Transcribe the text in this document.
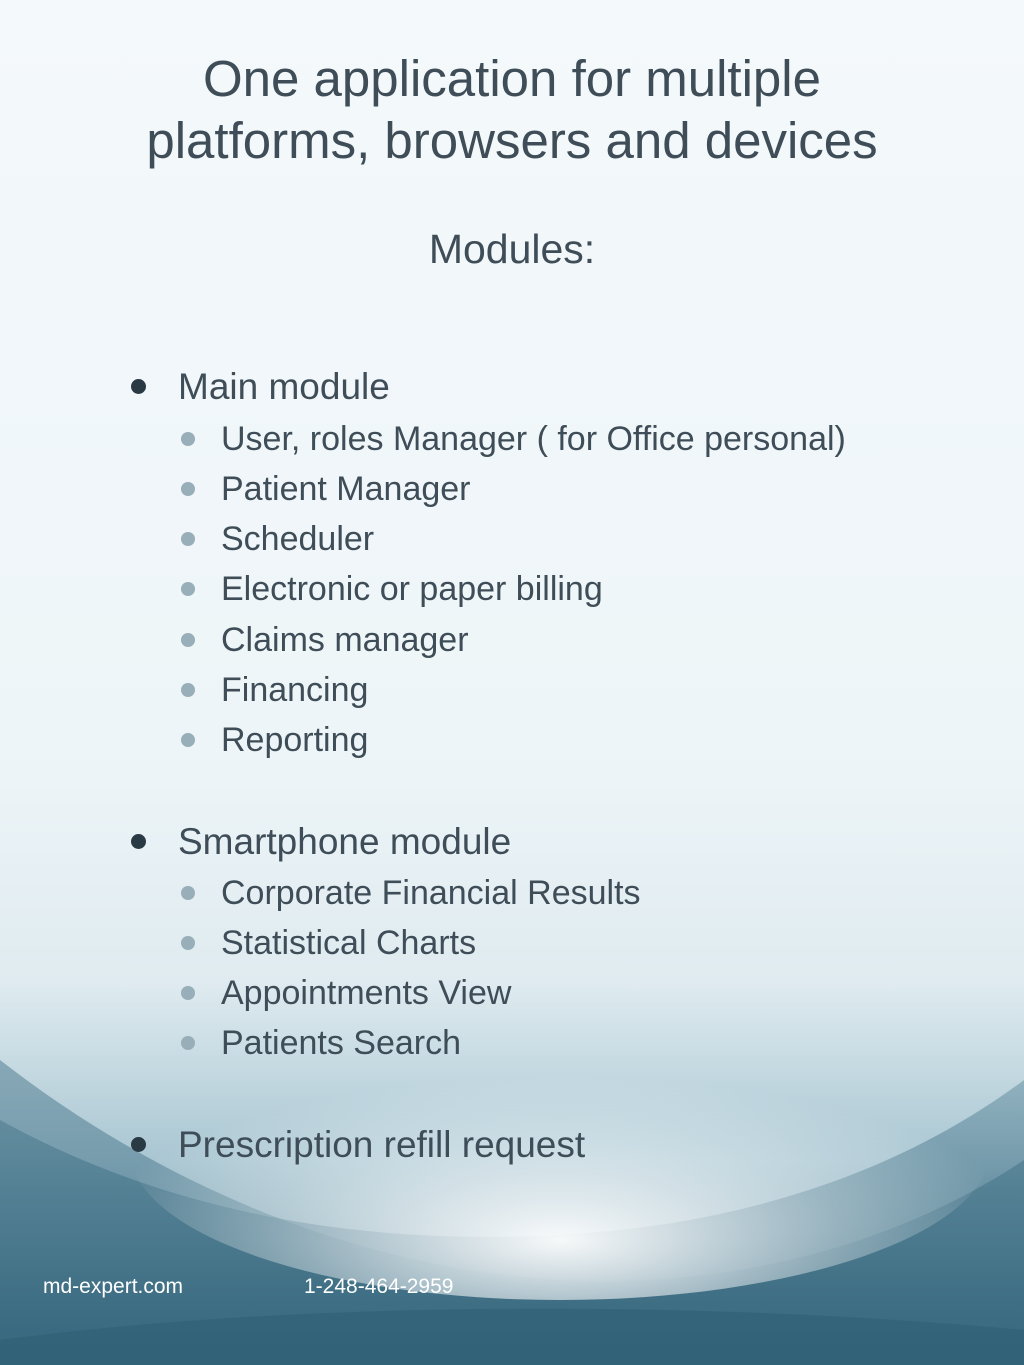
One application for multiple
platforms, browsers and devices
Modules:
Main module
User, roles Manager ( for Office personal)
Patient Manager
Scheduler
Electronic or paper billing
Claims manager
Financing
Reporting
Smartphone module
Corporate Financial Results
Statistical Charts
Appointments View
Patients Search
Prescription refill request
md-expert.com	1-248-464-2959
